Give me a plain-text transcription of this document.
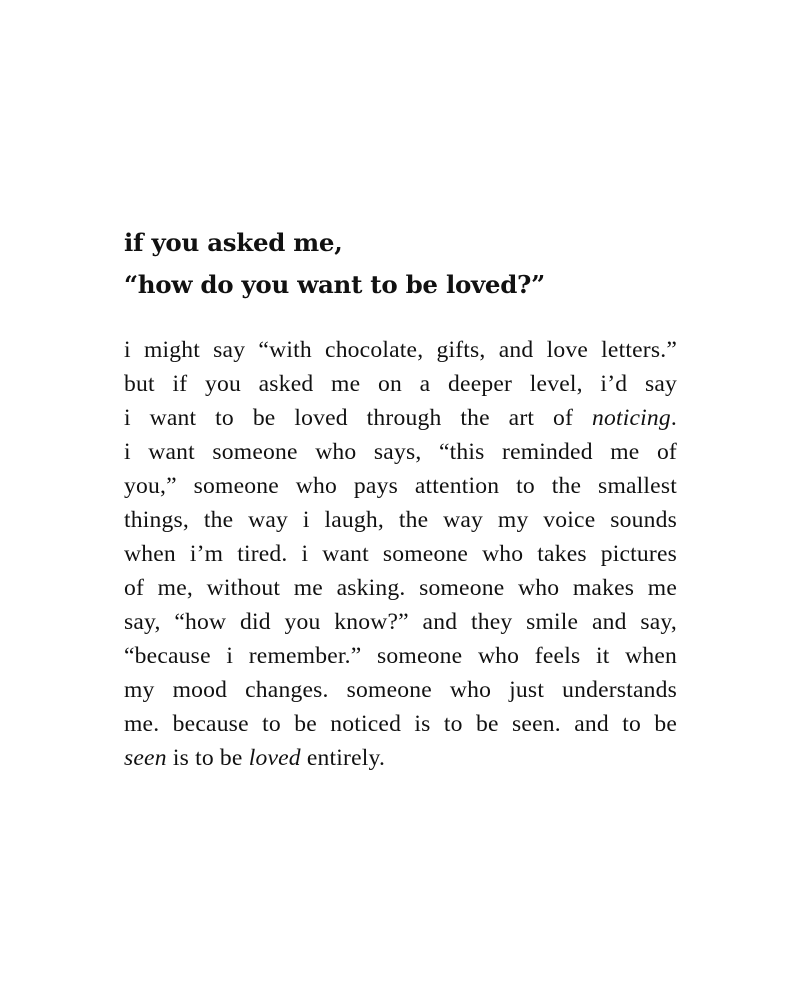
if you asked me,
“how do you want to be loved?”
i might say “with chocolate, gifts, and love letters.”
but if you asked me on a deeper level, i’d say
i want to be loved through the art of noticing.
i want someone who says, “this reminded me of
you,” someone who pays attention to the smallest
things, the way i laugh, the way my voice sounds
when i’m tired. i want someone who takes pictures
of me, without me asking. someone who makes me
say, “how did you know?” and they smile and say,
“because i remember.” someone who feels it when
my mood changes. someone who just understands
me. because to be noticed is to be seen. and to be
seen is to be loved entirely.
